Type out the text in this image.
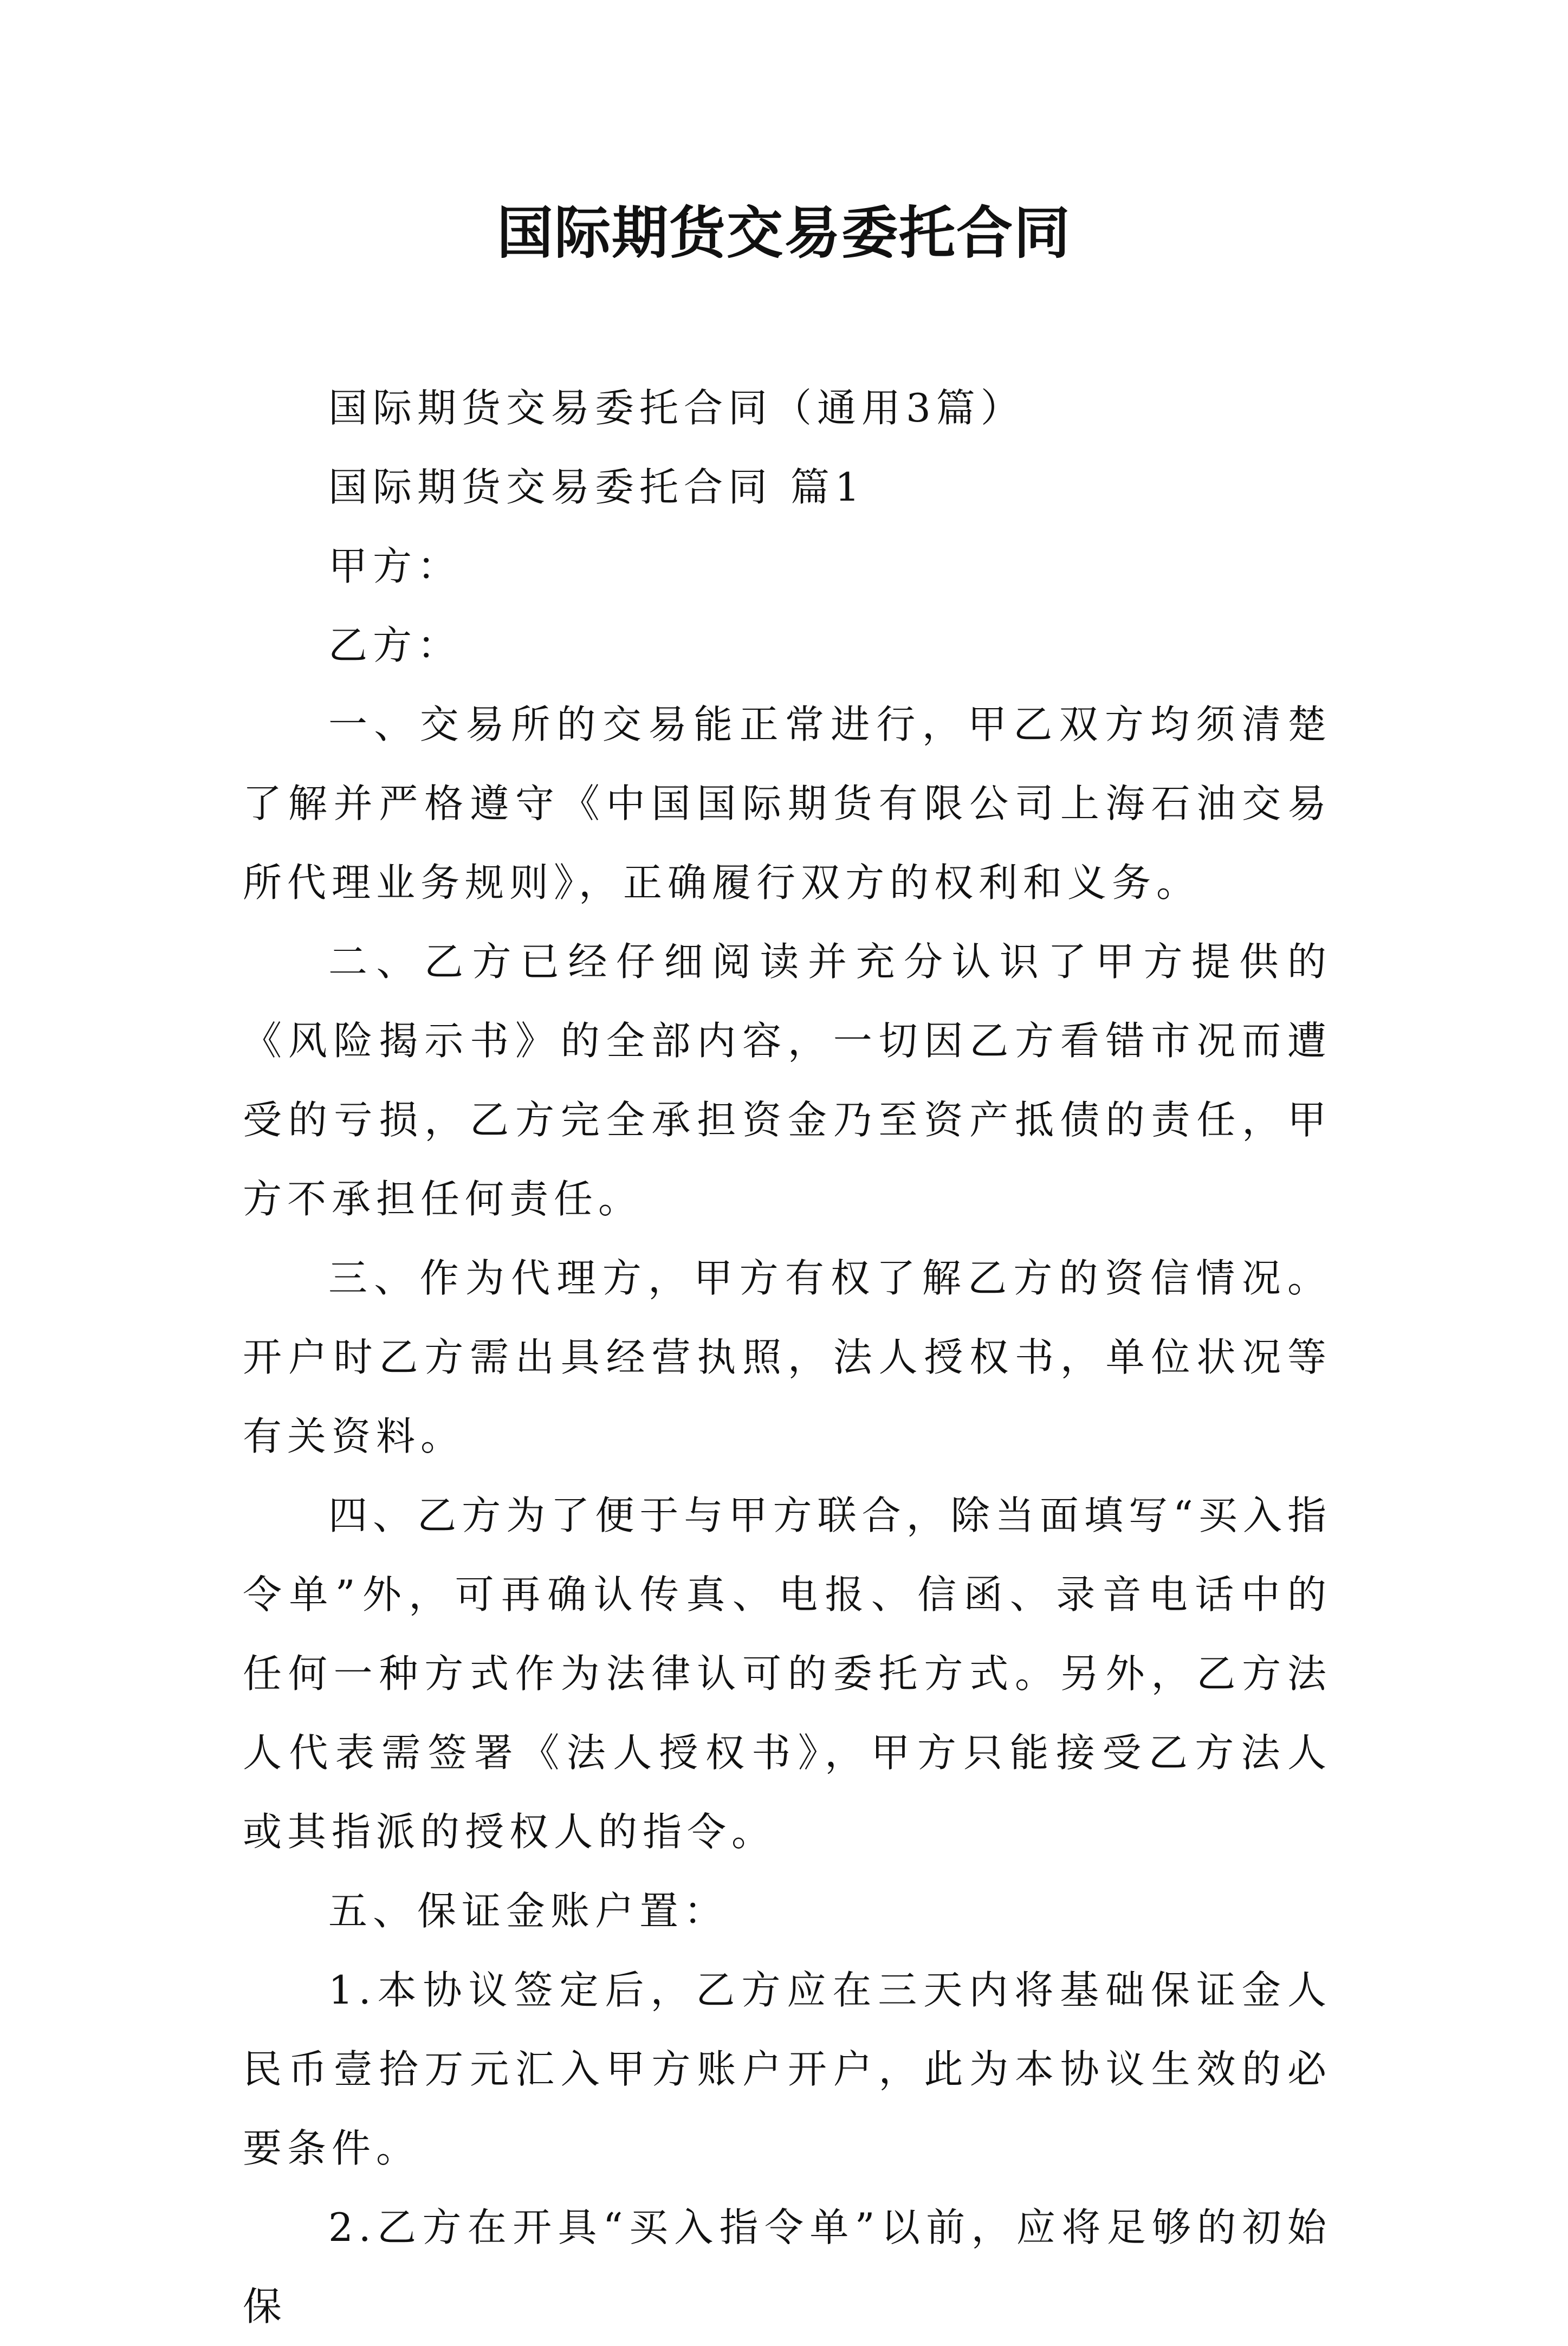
国际期货交易委托合同

国际期货交易委托合同（通用3篇）

国际期货交易委托合同 篇1

甲方：

乙方：

一、交易所的交易能正常进行，甲乙双方均须清楚了解并严格遵守《中国国际期货有限公司上海石油交易所代理业务规则》，正确履行双方的权利和义务。

二、乙方已经仔细阅读并充分认识了甲方提供的《风险揭示书》的全部内容，一切因乙方看错市况而遭受的亏损，乙方完全承担资金乃至资产抵债的责任，甲方不承担任何责任。

三、作为代理方，甲方有权了解乙方的资信情况。开户时乙方需出具经营执照，法人授权书，单位状况等有关资料。

四、乙方为了便于与甲方联合，除当面填写“买入指令单”外，可再确认传真、电报、信函、录音电话中的任何一种方式作为法律认可的委托方式。另外，乙方法人代表需签署《法人授权书》，甲方只能接受乙方法人或其指派的授权人的指令。

五、保证金账户置：

1.本协议签定后，乙方应在三天内将基础保证金人民币壹拾万元汇入甲方账户开户，此为本协议生效的必要条件。

2.乙方在开具“买入指令单”以前，应将足够的初始保
